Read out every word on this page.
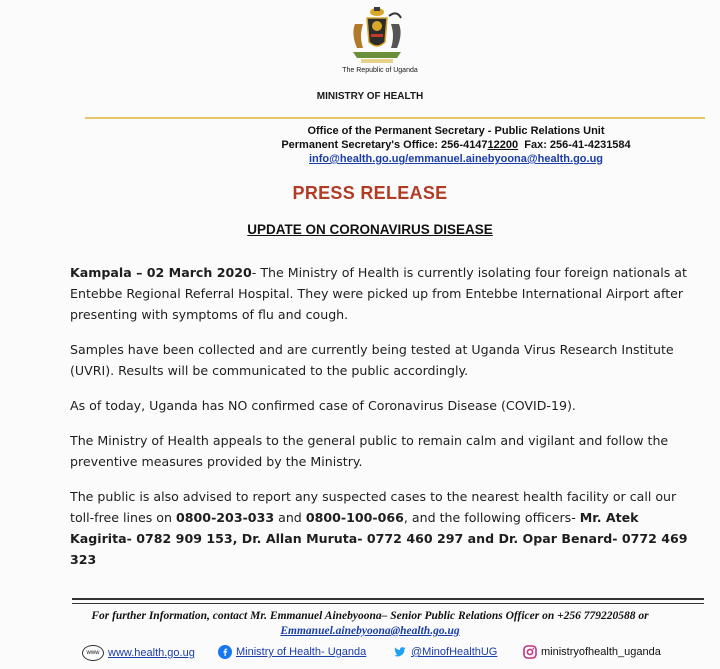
The Republic of Uganda
MINISTRY OF HEALTH
Office of the Permanent Secretary - Public Relations Unit
Permanent Secretary's Office: 256-414712200  Fax: 256-41-4231584
info@health.go.ug/emmanuel.ainebyoona@health.go.ug
PRESS RELEASE
UPDATE ON CORONAVIRUS DISEASE

Kampala – 02 March 2020- The Ministry of Health is currently isolating four foreign nationals at Entebbe Regional Referral Hospital. They were picked up from Entebbe International Airport after presenting with symptoms of flu and cough.

Samples have been collected and are currently being tested at Uganda Virus Research Institute (UVRI). Results will be communicated to the public accordingly.

As of today, Uganda has NO confirmed case of Coronavirus Disease (COVID-19).

The Ministry of Health appeals to the general public to remain calm and vigilant and follow the preventive measures provided by the Ministry.

The public is also advised to report any suspected cases to the nearest health facility or call our toll-free lines on 0800-203-033 and 0800-100-066, and the following officers- Mr. Atek Kagirita- 0782 909 153, Dr. Allan Muruta- 0772 460 297 and Dr. Opar Benard- 0772 469 323

For further Information, contact Mr. Emmanuel Ainebyoona– Senior Public Relations Officer on +256 779220588 or Emmanuel.ainebyoona@health.go.ug
www www.health.go.ug	Ministry of Health- Uganda	@MinofHealthUG	ministryofhealth_uganda
